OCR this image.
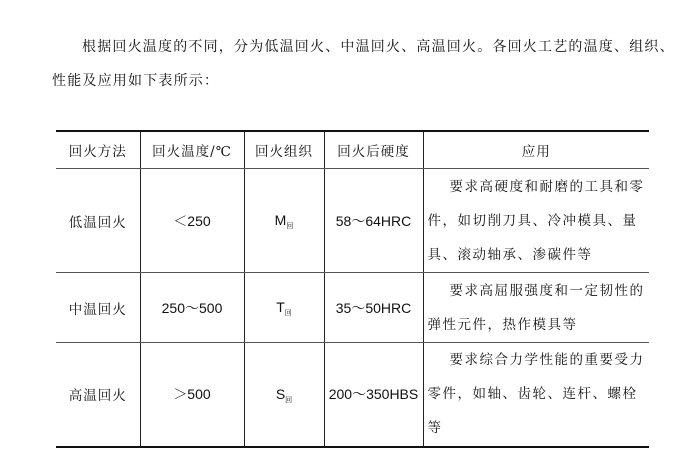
根据回火温度的不同，分为低温回火、中温回火、高温回火。各回火工艺的温度、组织、性能及应用如下表所示：

回火方法	回火温度/℃	回火组织	回火后硬度	应用
低温回火	＜250	$M_回$	58～64HRC	要求高硬度和耐磨的工具和零件，如切削刀具、冷冲模具、量具、滚动轴承、渗碳件等
中温回火	250～500	$T_回$	35～50HRC	要求高屈服强度和一定韧性的弹性元件，热作模具等
高温回火	＞500	$S_回$	200～350HBS	要求综合力学性能的重要受力零件，如轴、齿轮、连杆、螺栓等
